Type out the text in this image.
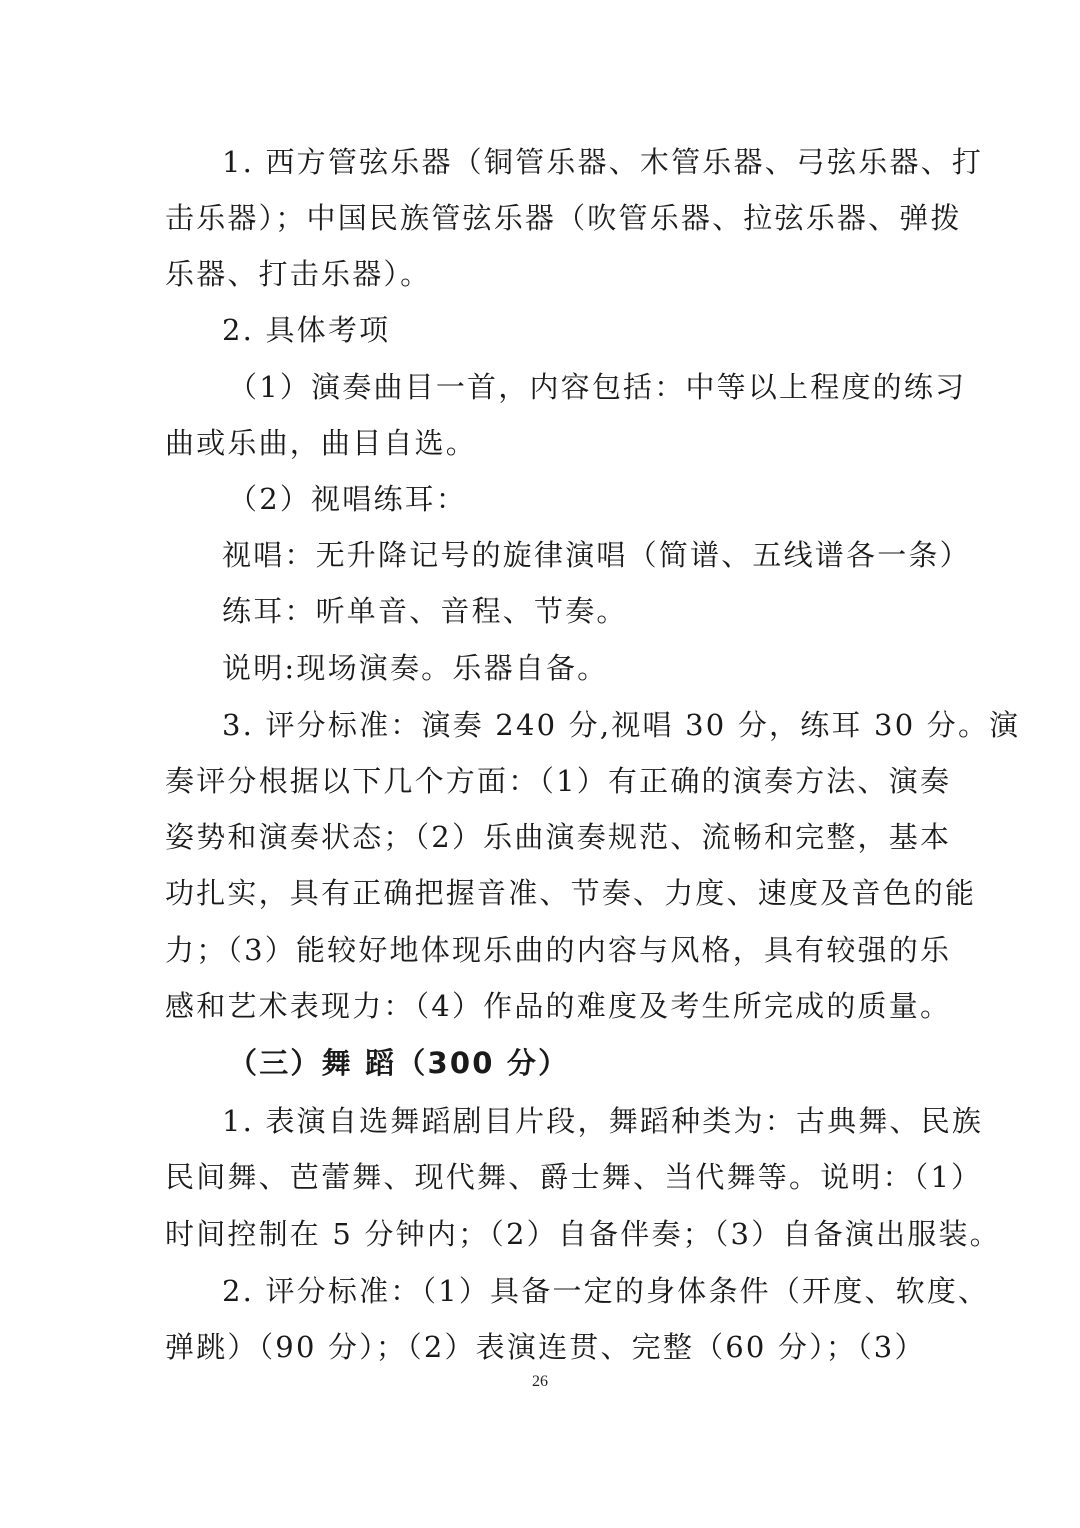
1. 西方管弦乐器（铜管乐器、木管乐器、弓弦乐器、打
击乐器）；中国民族管弦乐器（吹管乐器、拉弦乐器、弹拨
乐器、打击乐器）。
2. 具体考项
（1）演奏曲目一首，内容包括：中等以上程度的练习
曲或乐曲，曲目自选。
（2）视唱练耳：
视唱：无升降记号的旋律演唱（简谱、五线谱各一条）
练耳：听单音、音程、节奏。
说明:现场演奏。乐器自备。
3. 评分标准：演奏 240 分,视唱 30 分，练耳 30 分。演
奏评分根据以下几个方面：（1）有正确的演奏方法、演奏
姿势和演奏状态；（2）乐曲演奏规范、流畅和完整，基本
功扎实，具有正确把握音准、节奏、力度、速度及音色的能
力；（3）能较好地体现乐曲的内容与风格，具有较强的乐
感和艺术表现力：（4）作品的难度及考生所完成的质量。
（三）舞 蹈（300 分）
1. 表演自选舞蹈剧目片段，舞蹈种类为：古典舞、民族
民间舞、芭蕾舞、现代舞、爵士舞、当代舞等。说明：（1）
时间控制在 5 分钟内；（2）自备伴奏；（3）自备演出服装。
2. 评分标准：（1）具备一定的身体条件（开度、软度、
弹跳）（90 分）；（2）表演连贯、完整（60 分）；（3）
26
